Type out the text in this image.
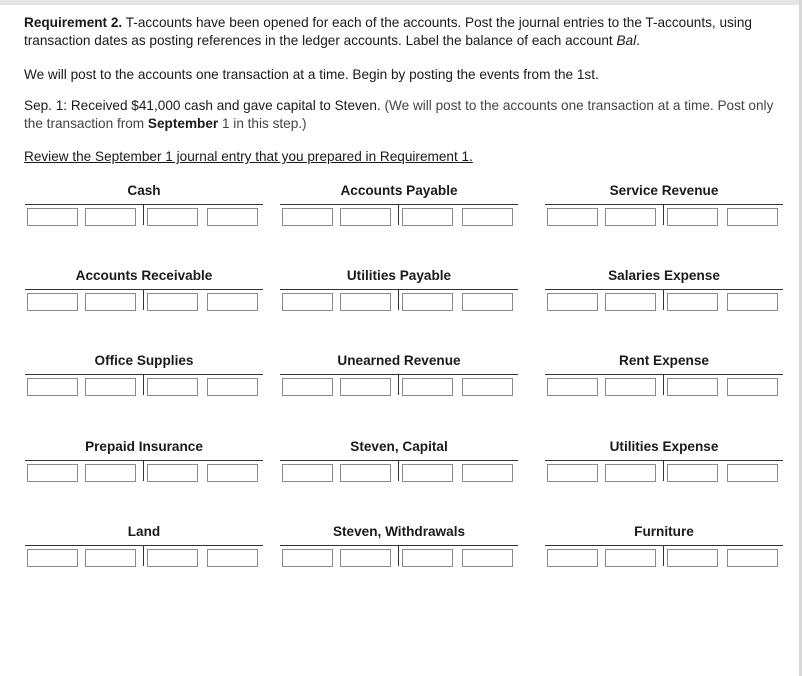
Requirement 2. T-accounts have been opened for each of the accounts. Post the journal entries to the T-accounts, using transaction dates as posting references in the ledger accounts. Label the balance of each account Bal.
We will post to the accounts one transaction at a time. Begin by posting the events from the 1st.
Sep. 1: Received $41,000 cash and gave capital to Steven. (We will post to the accounts one transaction at a time. Post only the transaction from September 1 in this step.)
Review the September 1 journal entry that you prepared in Requirement 1.
Cash	Accounts Payable	Service Revenue
Accounts Receivable	Utilities Payable	Salaries Expense
Office Supplies	Unearned Revenue	Rent Expense
Prepaid Insurance	Steven, Capital	Utilities Expense
Land	Steven, Withdrawals	Furniture
